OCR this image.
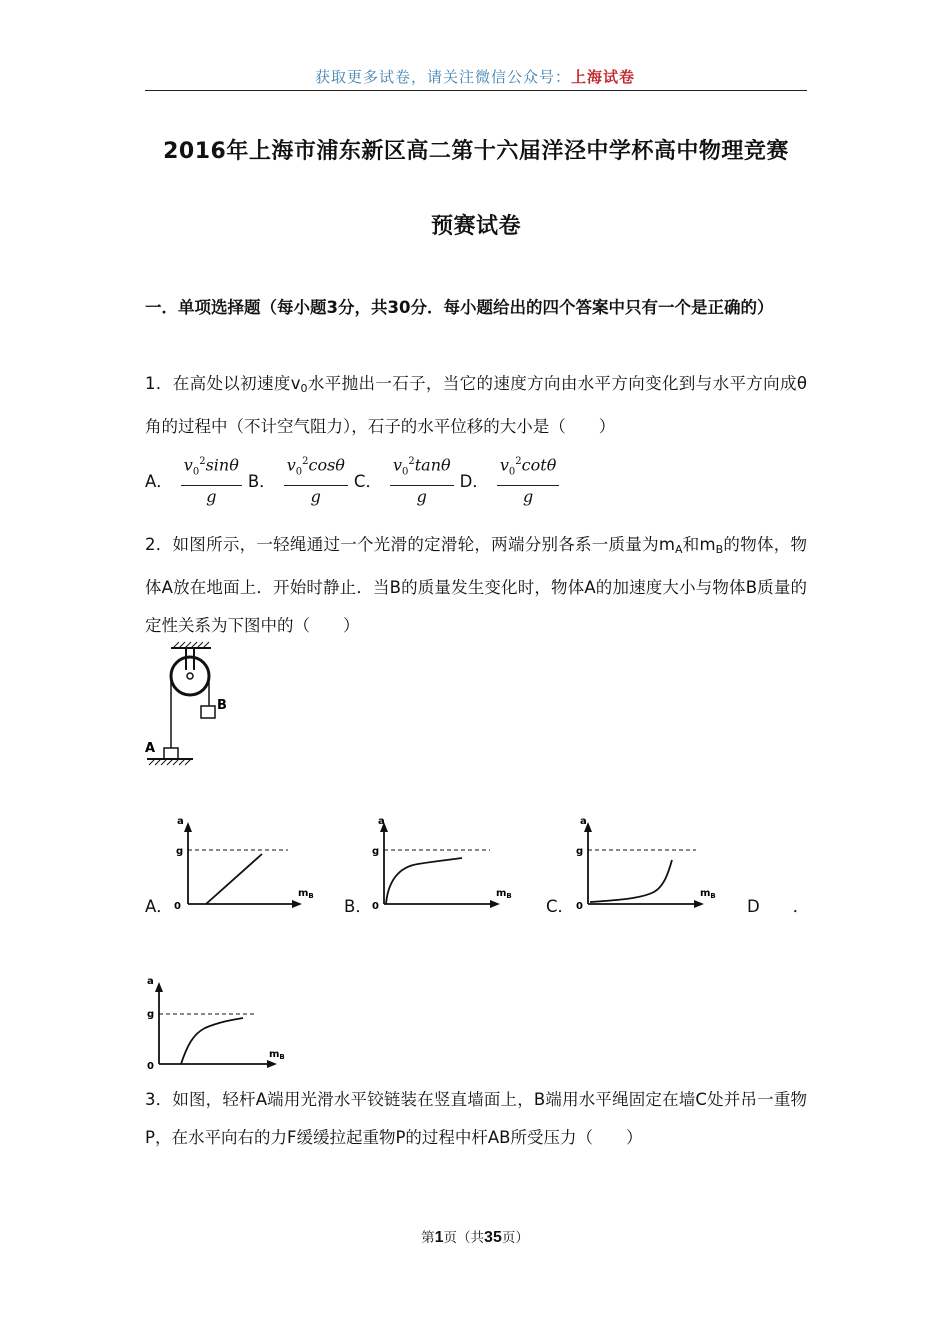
获取更多试卷，请关注微信公众号：上海试卷
2016年上海市浦东新区高二第十六届洋泾中学杯高中物理竞赛
预赛试卷

一．单项选择题（每小题3分，共30分．每小题给出的四个答案中只有一个是正确的）

1．在高处以初速度$v_0$水平抛出一石子，当它的速度方向由水平方向变化到与水平方向成θ角的过程中（不计空气阻力），石子的水平位移的大小是（　　）

A． $\frac{v_0^2\sin\theta}{g}$ B． $\frac{v_0^2\cos\theta}{g}$ C． $\frac{v_0^2\tan\theta}{g}$ D． $\frac{v_0^2\cot\theta}{g}$

2．如图所示，一轻绳通过一个光滑的定滑轮，两端分别各系一质量为$m_A$和$m_B$的物体，物体A放在地面上．开始时静止．当B的质量发生变化时，物体A的加速度大小与物体B质量的定性关系为下图中的（　　）

B
A
A．	B．	C．	D　　．
a
g
0
$m_B$
a
g
0
$m_B$
a
g
0
$m_B$
a
g
0
$m_B$

3．如图，轻杆A端用光滑水平铰链装在竖直墙面上，B端用水平绳固定在墙C处并吊一重物P，在水平向右的力F缓缓拉起重物P的过程中杆AB所受压力（　　）

第1页（共35页）
